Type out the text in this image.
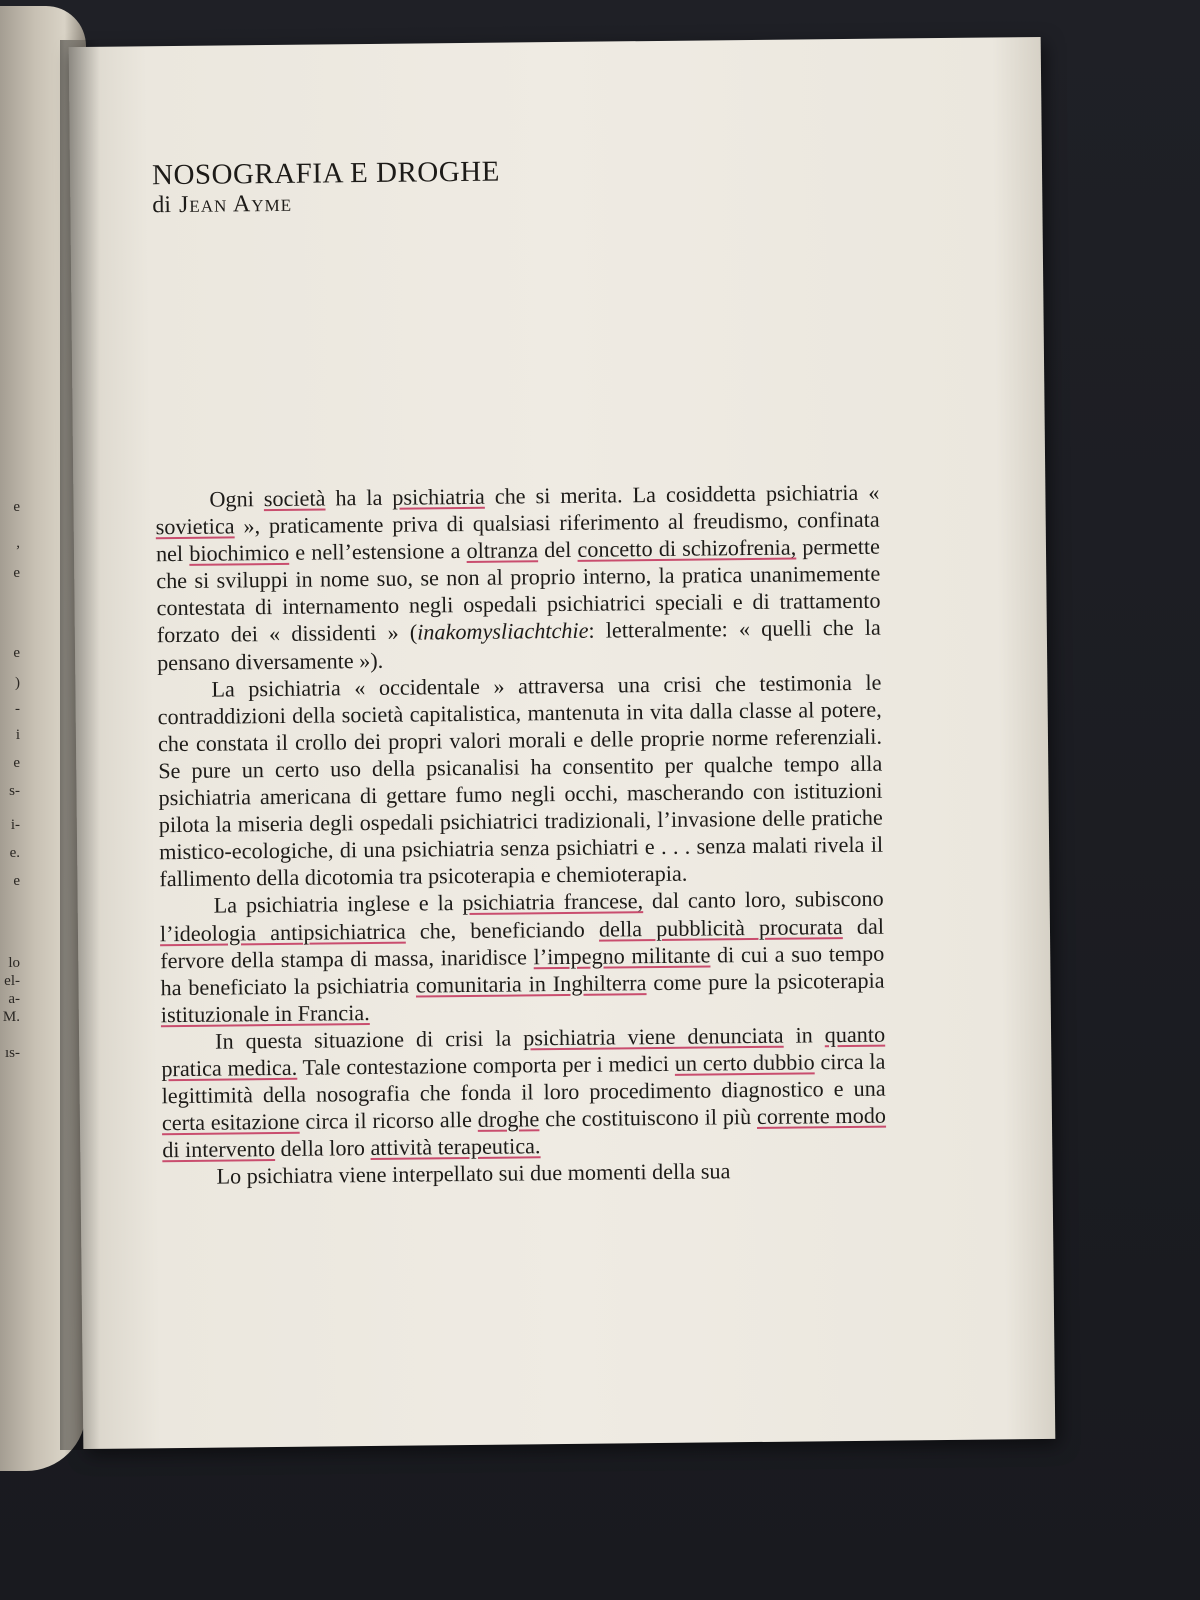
e
,
e
e
)
-
i
e
s-
i-
e.
e
lo
el-
a-
M.
ıs-
NOSOGRAFIA E DROGHE
di Jean Ayme

Ogni società ha la psichiatria che si merita. La cosiddetta psichiatria « sovietica », praticamente priva di qualsiasi riferimento al freudismo, confinata nel biochimico e nell’estensione a oltranza del concetto di schizofrenia, permette che si sviluppi in nome suo, se non al proprio interno, la pratica unanimemente contestata di internamento negli ospedali psichiatrici speciali e di trattamento forzato dei « dissidenti » (inakomysliachtchie: letteralmente: « quelli che la pensano diversamente »).

La psichiatria « occidentale » attraversa una crisi che testimonia le contraddizioni della società capitalistica, mantenuta in vita dalla classe al potere, che constata il crollo dei propri valori morali e delle proprie norme referenziali. Se pure un certo uso della psicanalisi ha consentito per qualche tempo alla psichiatria americana di gettare fumo negli occhi, mascherando con istituzioni pilota la miseria degli ospedali psichiatrici tradizionali, l’invasione delle pratiche mistico-ecologiche, di una psichiatria senza psichiatri e . . . senza malati rivela il fallimento della dicotomia tra psicoterapia e chemioterapia.

La psichiatria inglese e la psichiatria francese, dal canto loro, subiscono l’ideologia antipsichiatrica che, beneficiando della pubblicità procurata dal fervore della stampa di massa, inaridisce l’impegno militante di cui a suo tempo ha beneficiato la psichiatria comunitaria in Inghilterra come pure la psicoterapia istituzionale in Francia.

In questa situazione di crisi la psichiatria viene denunciata in quanto pratica medica. Tale contestazione comporta per i medici un certo dubbio circa la legittimità della nosografia che fonda il loro procedimento diagnostico e una certa esitazione circa il ricorso alle droghe che costituiscono il più corrente modo di intervento della loro attività terapeutica.

Lo psichiatra viene interpellato sui due momenti della sua
